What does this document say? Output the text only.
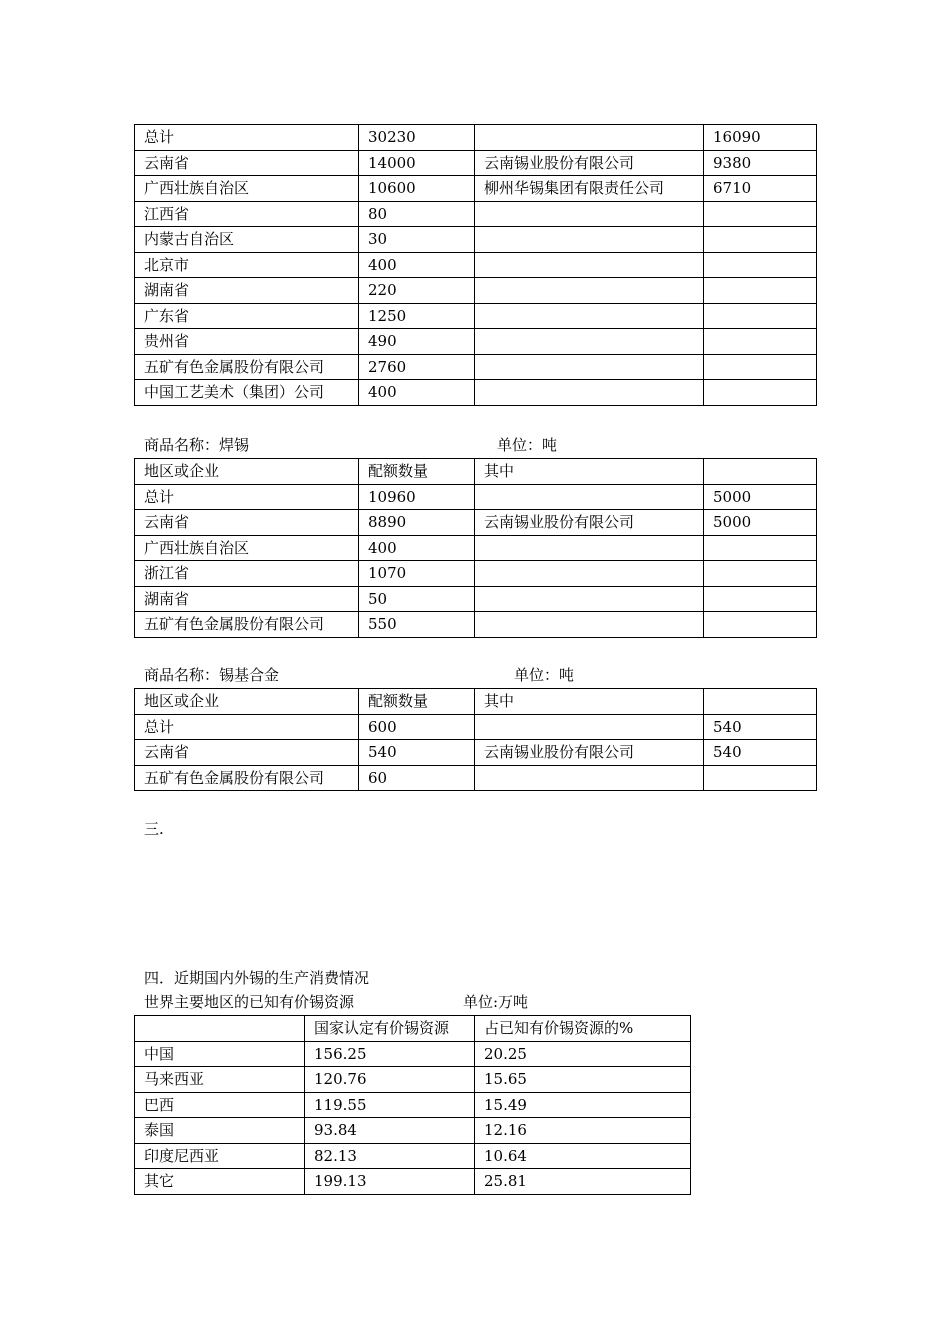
总计	30230		16090
云南省	14000	云南锡业股份有限公司	9380
广西壮族自治区	10600	柳州华锡集团有限责任公司	6710
江西省	80		
内蒙古自治区	30		
北京市	400		
湖南省	220		
广东省	1250		
贵州省	490		
五矿有色金属股份有限公司	2760		
中国工艺美术（集团）公司	400		
商品名称：焊锡	单位：吨
地区或企业	配额数量	其中	
总计	10960		5000
云南省	8890	云南锡业股份有限公司	5000
广西壮族自治区	400		
浙江省	1070		
湖南省	50		
五矿有色金属股份有限公司	550		
商品名称：锡基合金	单位：吨
地区或企业	配额数量	其中	
总计	600		540
云南省	540	云南锡业股份有限公司	540
五矿有色金属股份有限公司	60		
三.
四．近期国内外锡的生产消费情况
世界主要地区的已知有价锡资源	单位:万吨
	国家认定有价锡资源	占已知有价锡资源的%
中国	156.25	20.25
马来西亚	120.76	15.65
巴西	119.55	15.49
泰国	93.84	12.16
印度尼西亚	82.13	10.64
其它	199.13	25.81
